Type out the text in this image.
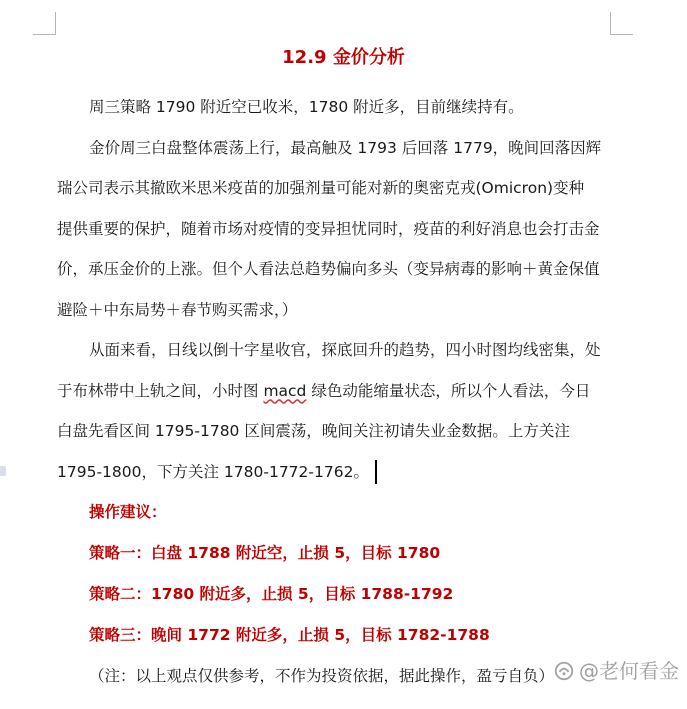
12.9 金价分析

周三策略 1790 附近空已收米，1780 附近多，目前继续持有。

金价周三白盘整体震荡上行，最高触及 1793 后回落 1779，晚间回落因辉
瑞公司表示其撤欧米思米疫苗的加强剂量可能对新的奥密克戎(Omicron)变种
提供重要的保护，随着市场对疫情的变异担忧同时，疫苗的利好消息也会打击金
价，承压金价的上涨。但个人看法总趋势偏向多头（变异病毒的影响＋黄金保值
避险＋中东局势＋春节购买需求，）

从面来看，日线以倒十字星收官，探底回升的趋势，四小时图均线密集，处
于布林带中上轨之间，小时图 macd 绿色动能缩量状态，所以个人看法，今日
白盘先看区间 1795-1780 区间震荡，晚间关注初请失业金数据。上方关注
1795-1800，下方关注 1780-1772-1762。

操作建议：
策略一：白盘 1788 附近空，止损 5，目标 1780
策略二：1780 附近多，止损 5，目标 1788-1792
策略三：晚间 1772 附近多，止损 5，目标 1782-1788
（注：以上观点仅供参考，不作为投资依据，据此操作，盈亏自负）	@老何看金
